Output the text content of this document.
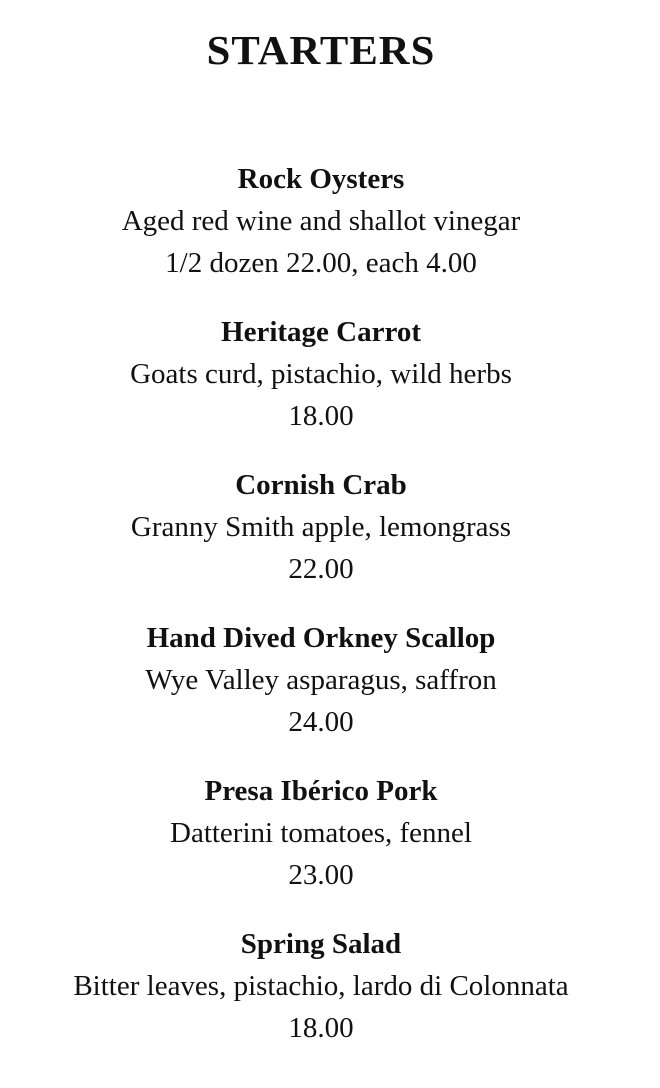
STARTERS
Rock Oysters
Aged red wine and shallot vinegar
1/2 dozen 22.00, each 4.00
Heritage Carrot
Goats curd, pistachio, wild herbs
18.00
Cornish Crab
Granny Smith apple, lemongrass
22.00
Hand Dived Orkney Scallop
Wye Valley asparagus, saffron
24.00
Presa Ibérico Pork
Datterini tomatoes, fennel
23.00
Spring Salad
Bitter leaves, pistachio, lardo di Colonnata
18.00
